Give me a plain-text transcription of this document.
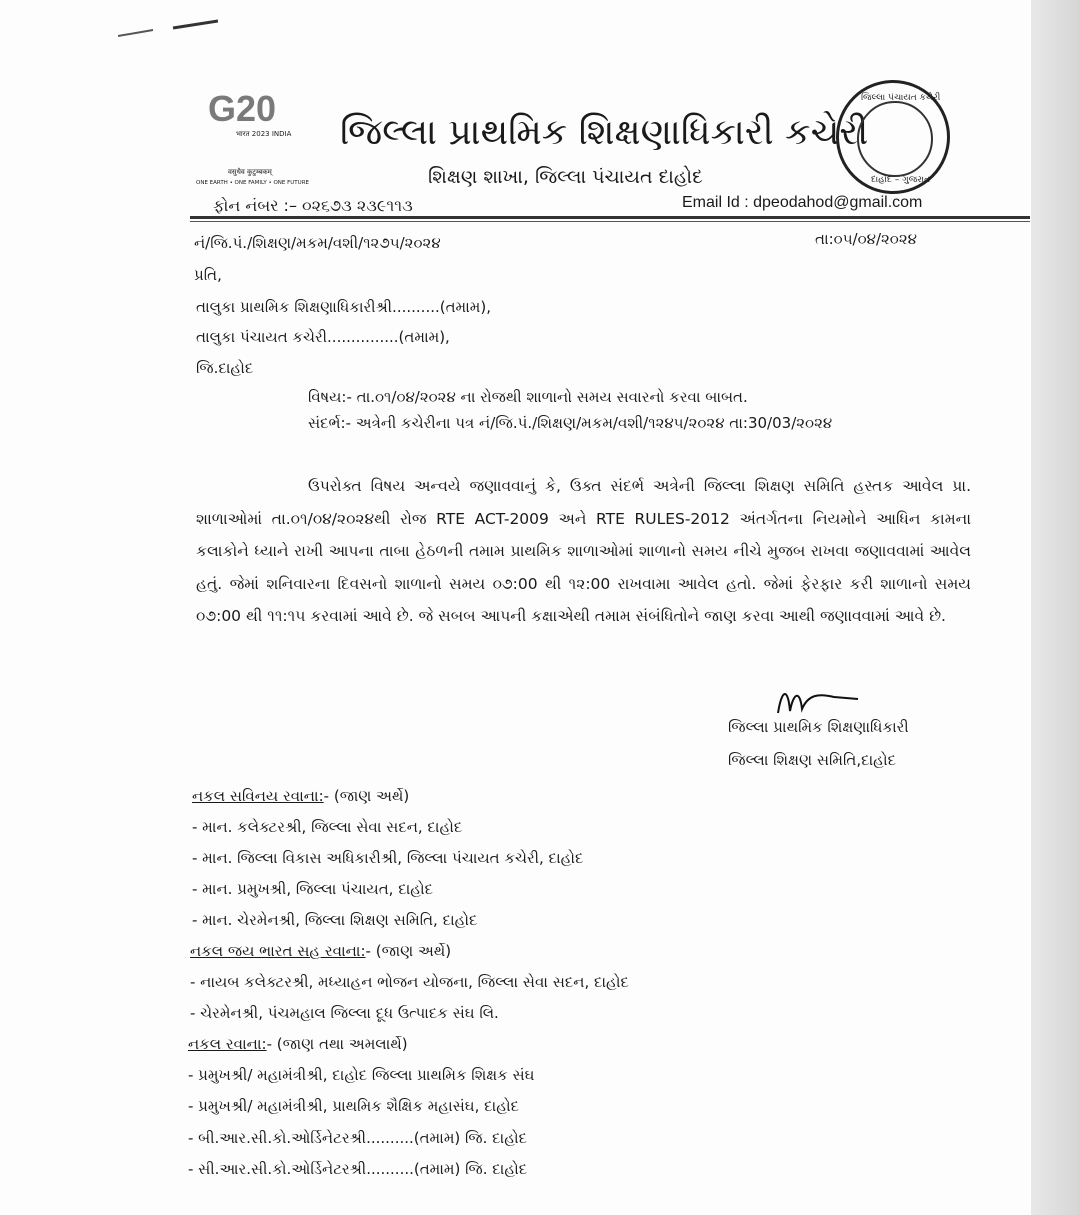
G20
भारत 2023 INDIA
वसुधैव कुटुम्बकम्
ONE EARTH • ONE FAMILY • ONE FUTURE
જિલ્લા પ્રાથમિક શિક્ષણાધિકારી કચેરી
શિક્ષણ શાખા, જિલ્લા પંચાયત દાહોદ
ફોન નંબર :– ૦૨૬૭૩ ૨૩૯૧૧૩	Email Id : dpeodahod@gmail.com
જિલ્લા પંચાયત કચેરી
દાહોદ – ગુજરાત
નં/જિ.પં./શિક્ષણ/મકમ/વશી/૧૨૭૫/૨૦૨૪	તા:૦૫/૦૪/૨૦૨૪
પ્રતિ,
તાલુકા પ્રાથમિક શિક્ષણાધિકારીશ્રી..........(તમામ),
તાલુકા પંચાયત કચેરી...............(તમામ),
જિ.દાહોદ
વિષય:- તા.૦૧/૦૪/૨૦૨૪ ના રોજથી શાળાનો સમય સવારનો કરવા બાબત.
સંદર્ભ:- અત્રેની કચેરીના પત્ર નં/જિ.પં./શિક્ષણ/મકમ/વશી/૧૨૪૫/૨૦૨૪ તા:30/03/૨૦૨૪
ઉપરોક્ત વિષય અન્વયે જણાવવાનું કે, ઉક્ત સંદર્ભ અત્રેની જિલ્લા શિક્ષણ સમિતિ હસ્તક આવેલ પ્રા. શાળાઓમાં તા.૦૧/૦૪/૨૦૨૪થી રોજ RTE ACT-2009 અને RTE RULES-2012 અંતર્ગતના નિયમોને આધિન કામના કલાકોને ધ્યાને રાખી આપના તાબા હેઠળની તમામ પ્રાથમિક શાળાઓમાં શાળાનો સમય નીચે મુજબ રાખવા જણાવવામાં આવેલ હતું. જેમાં શનિવારના દિવસનો શાળાનો સમય ૦૭:00 થી ૧૨:00 રાખવામા આવેલ હતો. જેમાં ફેરફાર કરી શાળાનો સમય ૦૭:00 થી ૧૧:૧૫ કરવામાં આવે છે. જે સબબ આપની કક્ષાએથી તમામ સંબંધિતોને જાણ કરવા આથી જણાવવામાં આવે છે.
જિલ્લા પ્રાથમિક શિક્ષણાધિકારી
જિલ્લા શિક્ષણ સમિતિ,દાહોદ
નકલ સવિનય રવાના:- (જાણ અર્થે)
- માન. કલેક્ટરશ્રી, જિલ્લા સેવા સદન, દાહોદ
- માન. જિલ્લા વિકાસ અધિકારીશ્રી, જિલ્લા પંચાયત કચેરી, દાહોદ
- માન. પ્રમુખશ્રી, જિલ્લા પંચાયત, દાહોદ
- માન. ચેરમેનશ્રી, જિલ્લા શિક્ષણ સમિતિ, દાહોદ
નકલ જય ભારત સહ રવાના:- (જાણ અર્થે)
- નાયબ કલેક્ટરશ્રી, મધ્યાહન ભોજન યોજના, જિલ્લા સેવા સદન, દાહોદ
- ચેરમેનશ્રી, પંચમહાલ જિલ્લા દૂધ ઉત્પાદક સંઘ લિ.
નકલ રવાના:- (જાણ તથા અમલાર્થે)
- પ્રમુખશ્રી/ મહામંત્રીશ્રી, દાહોદ જિલ્લા પ્રાથમિક શિક્ષક સંઘ
- પ્રમુખશ્રી/ મહામંત્રીશ્રી, પ્રાથમિક શૈક્ષિક મહાસંઘ, દાહોદ
- બી.આર.સી.કો.ઓર્ડિનેટરશ્રી..........(તમામ) જિ. દાહોદ
- સી.આર.સી.કો.ઓર્ડિનેટરશ્રી..........(તમામ) જિ. દાહોદ
